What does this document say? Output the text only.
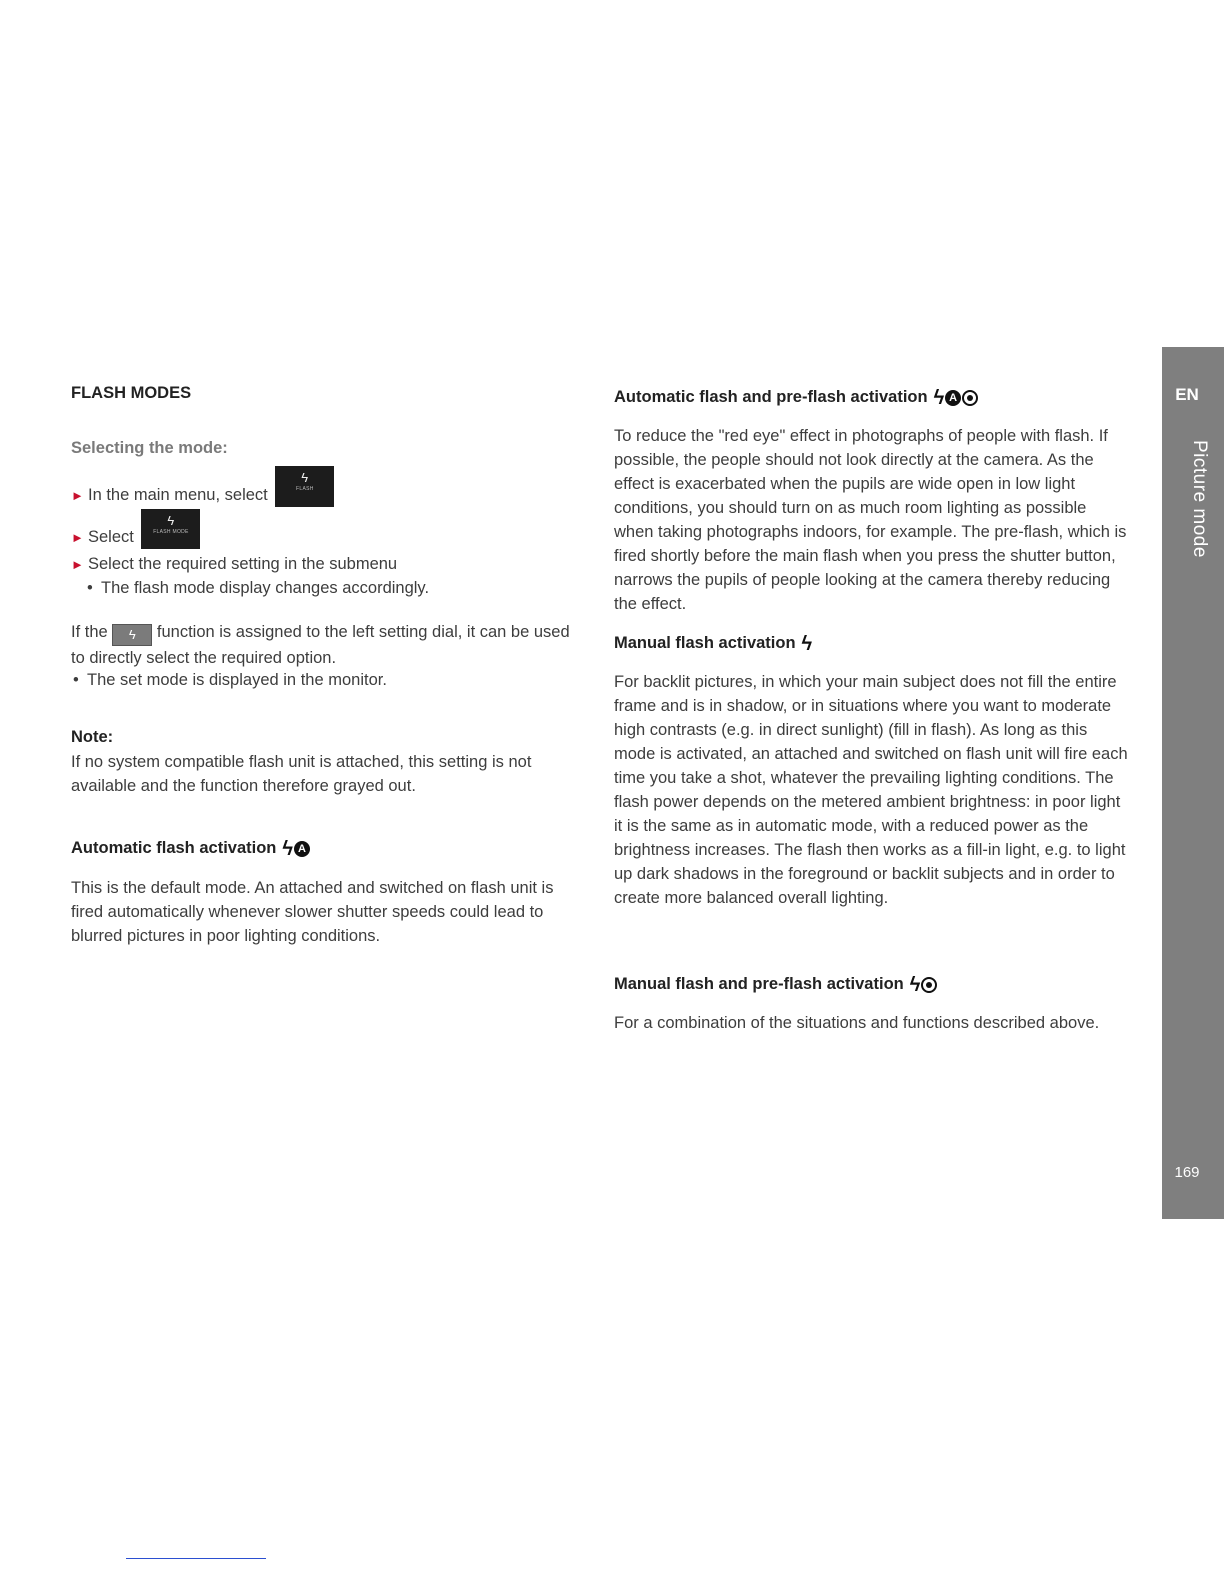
FLASH MODES
Selecting the mode:
► In the main menu, select
ϟ
FLASH
► Select
ϟ
FLASH MODE
► Select the required setting in the submenu
• The flash mode display changes accordingly.

If the ϟ function is assigned to the left setting dial, it can be used to directly select the required option.

• The set mode is displayed in the monitor.
Note:

If no system compatible flash unit is attached, this setting is not available and the function therefore grayed out.

Automatic flash activation ϟ A

This is the default mode. An attached and switched on flash unit is fired automatically whenever slower shutter speeds could lead to blurred pictures in poor lighting conditions.

Automatic flash and pre-flash activation ϟ A

To reduce the "red eye" effect in photographs of people with flash. If possible, the people should not look directly at the camera. As the effect is exacerbated when the pupils are wide open in low light conditions, you should turn on as much room lighting as possible when taking photographs indoors, for example. The pre-flash, which is fired shortly before the main flash when you press the shutter button, narrows the pupils of people looking at the camera thereby reducing the effect.

Manual flash activation ϟ

For backlit pictures, in which your main subject does not fill the entire frame and is in shadow, or in situations where you want to moderate high contrasts (e.g. in direct sunlight) (fill in flash). As long as this mode is activated, an attached and switched on flash unit will fire each time you take a shot, whatever the prevailing lighting conditions. The flash power depends on the metered ambient brightness: in poor light it is the same as in automatic mode, with a reduced power as the brightness increases. The flash then works as a fill-in light, e.g. to light up dark shadows in the foreground or backlit subjects and in order to create more balanced overall lighting.

Manual flash and pre-flash activation ϟ

For a combination of the situations and functions described above.

EN
Picture mode
169
